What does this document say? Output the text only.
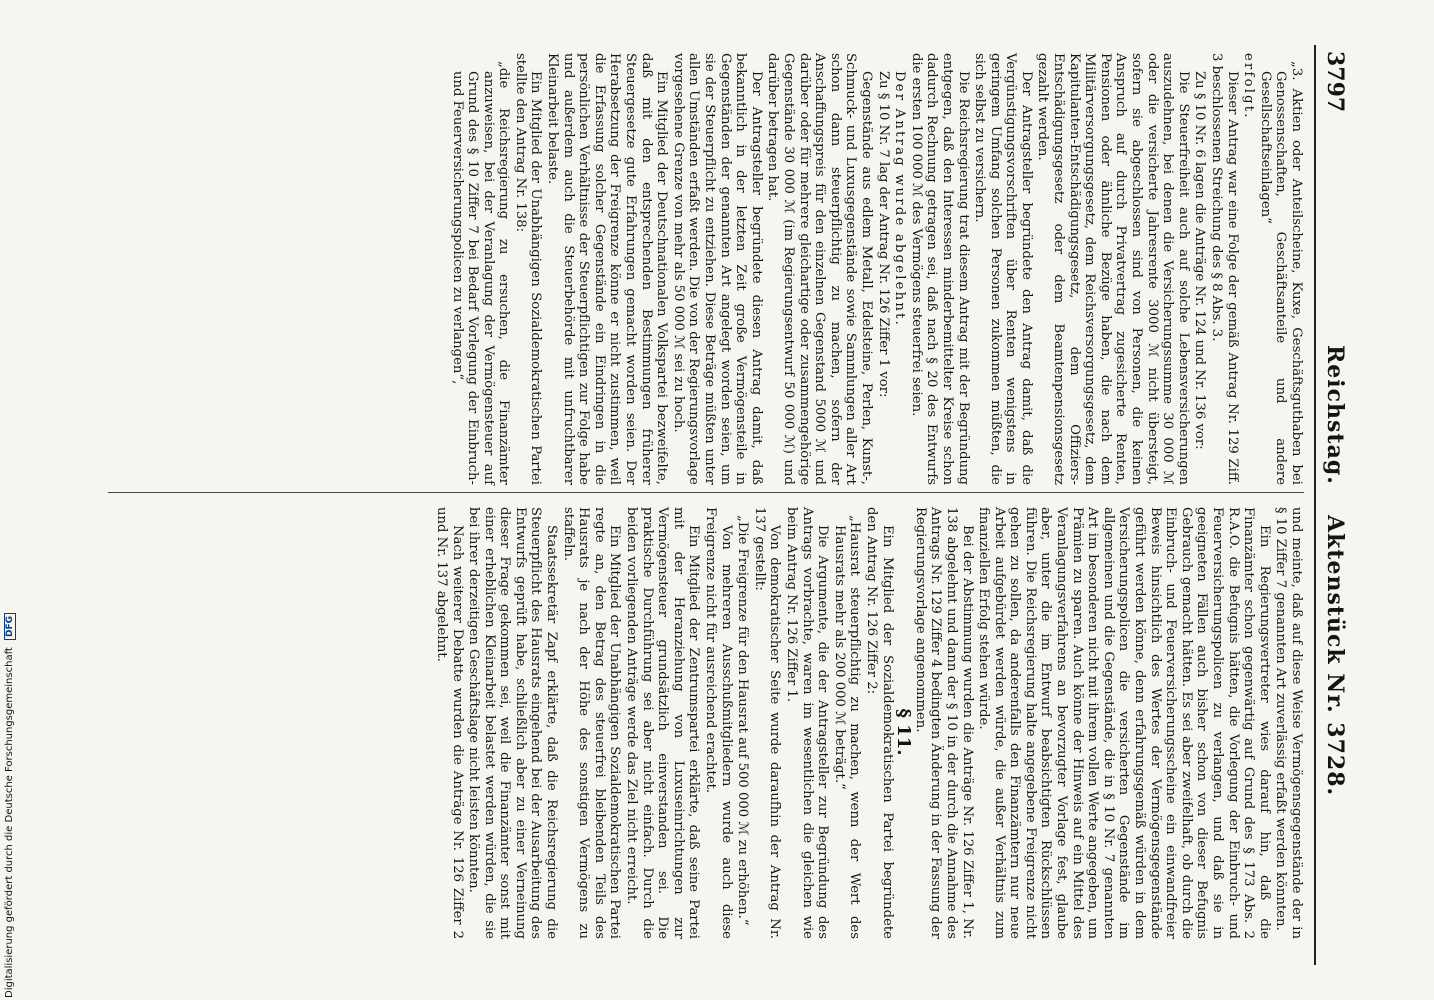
3797
Reichstag.
Aktenstück Nr. 3728.

„3. Aktien oder Anteilscheine, Kuxe, Geschäftsguthaben bei Genossenschaften, Geschäftsanteile und andere Gesellschaftseinlagen“

erfolgt.

Dieser Antrag war eine Folge der gemäß Antrag Nr. 129 Ziff. 3 beschlossenen Streichung des § 8 Abs. 3.

Zu § 10 Nr. 6 lagen die Anträge Nr. 124 und Nr. 136 vor:

Die Steuerfreiheit auch auf solche Lebensversicherungen auszudehnen, bei denen die Versicherungssumme 30 000 ℳ oder die versicherte Jahresrente 3000 ℳ nicht übersteigt, sofern sie abgeschlossen sind von Personen, die keinen Anspruch auf durch Privatvertrag zugesicherte Renten, Pensionen oder ähnliche Bezüge haben, die nach dem Militärversorgungsgesetz, dem Reichsversorgungsgesetz, dem Kapitulanten-Entschädigungsgesetz, dem Offiziers-Entschädigungsgesetz oder dem Beamtenpensionsgesetz gezahlt werden.

Der Antragsteller begründete den Antrag damit, daß die Vergünstigungsvorschriften über Renten wenigstens in geringem Umfang solchen Personen zukommen müßten, die sich selbst zu versichern.

Die Reichsregierung trat diesem Antrag mit der Begründung entgegen, daß den Interessen minderbemittelter Kreise schon dadurch Rechnung getragen sei, daß nach § 20 des Entwurfs die ersten 100 000 ℳ des Vermögens steuerfrei seien.

Der Antrag wurde abgelehnt.

Zu § 10 Nr. 7 lag der Antrag Nr. 126 Ziffer 1 vor:

Gegenstände aus edlem Metall, Edelsteine, Perlen, Kunst-, Schmuck- und Luxusgegenstände sowie Sammlungen aller Art schon dann steuerpflichtig zu machen, sofern der Anschaffungspreis für den einzelnen Gegenstand 5000 ℳ und darüber oder für mehrere gleichartige oder zusammengehörige Gegenstände 30 000 ℳ (im Regierungsentwurf 50 000 ℳ) und darüber betragen hat.

Der Antragsteller begründete diesen Antrag damit, daß bekanntlich in der letzten Zeit große Vermögensteile in Gegenständen der genannten Art angelegt worden seien, um sie der Steuerpflicht zu entziehen. Diese Beträge müßten unter allen Umständen erfaßt werden. Die von der Regierungsvorlage vorgesehene Grenze von mehr als 50 000 ℳ sei zu hoch.

Ein Mitglied der Deutschnationalen Volkspartei bezweifelte, daß mit den entsprechenden Bestimmungen früherer Steuergesetze gute Erfahrungen gemacht worden seien. Der Herabsetzung der Freigrenze könne er nicht zustimmen, weil die Erfassung solcher Gegenstände ein Eindringen in die persönlichen Verhältnisse der Steuerpflichtigen zur Folge habe und außerdem auch die Steuerbehörde mit unfruchtbarer Kleinarbeit belaste.

Ein Mitglied der Unabhängigen Sozialdemokratischen Partei stellte den Antrag Nr. 138:

„die Reichsregierung zu ersuchen, die Finanzämter anzuweisen, bei der Veranlagung der Vermögensteuer auf Grund des § 10 Ziffer 7 bei Bedarf Vorlegung der Einbruch- und Feuerversicherungspolicen zu verlangen“,

und meinte, daß auf diese Weise Vermögensgegenstände der in § 10 Ziffer 7 genannten Art zuverlässig erfaßt werden könnten.

Ein Regierungsvertreter wies darauf hin, daß die Finanzämter schon gegenwärtig auf Grund des § 173 Abs. 2 R.A.O. die Befugnis hätten, die Vorlegung der Einbruch- und Feuerversicherungspolicen zu verlangen, und daß sie in geeigneten Fällen auch bisher schon von dieser Befugnis Gebrauch gemacht hätten. Es sei aber zweifelhaft, ob durch die Einbruch- und Feuerversicherungsscheine ein einwandfreier Beweis hinsichtlich des Wertes der Vermögensgegenstände geführt werden könne, denn erfahrungsgemäß würden in dem Versicherungspolicen die versicherten Gegenstände im allgemeinen und die Gegenstände, die in § 10 Nr. 7 genannten Art im besonderen nicht mit ihrem vollen Werte angegeben, um Prämien zu sparen. Auch könne der Hinweis auf ein Mittel des Veranlagungsverfahrens an bevorzugter Vorlage fest, glaube aber, unter die im Entwurf beabsichtigten Rückschlüssen führen. Die Reichsregierung halte angegebene Freigrenze nicht gehen zu sollen, da anderenfalls den Finanzämtern nur neue Arbeit aufgebürdet werden würde, die außer Verhältnis zum finanziellen Erfolg stehen würde.

Bei der Abstimmung wurden die Anträge Nr. 126 Ziffer 1, Nr. 138 abgelehnt und dann der § 10 in der durch die Annahme des Antrags Nr. 129 Ziffer 4 bedingten Änderung in der Fassung der Regierungsvorlage angenommen.

§ 11.

Ein Mitglied der Sozialdemokratischen Partei begründete den Antrag Nr. 126 Ziffer 2:

„Hausrat steuerpflichtig zu machen, wenn der Wert des Hausrats mehr als 200 000 ℳ beträgt.“

Die Argumente, die der Antragsteller zur Begründung des Antrags vorbrachte, waren im wesentlichen die gleichen wie beim Antrag Nr. 126 Ziffer 1.

Von demokratischer Seite wurde daraufhin der Antrag Nr. 137 gestellt:

„Die Freigrenze für den Hausrat auf 500 000 ℳ zu erhöhen.“

Von mehreren Ausschußmitgliedern wurde auch diese Freigrenze nicht für ausreichend erachtet.

Ein Mitglied der Zentrumspartei erklärte, daß seine Partei mit der Heranziehung von Luxuseinrichtungen zur Vermögensteuer grundsätzlich einverstanden sei. Die praktische Durchführung sei aber nicht einfach. Durch die beiden vorliegenden Anträge werde das Ziel nicht erreicht.

Ein Mitglied der Unabhängigen Sozialdemokratischen Partei regte an, den Betrag des steuerfrei bleibenden Teils des Hausrats je nach der Höhe des sonstigen Vermögens zu staffeln.

Staatssekretär Zapf erklärte, daß die Reichsregierung die Steuerpflicht des Hausrats eingehend bei der Ausarbeitung des Entwurfs geprüft habe, schließlich aber zu einer Verneinung dieser Frage gekommen sei, weil die Finanzämter sonst mit einer erheblichen Kleinarbeit belastet werden würden, die sie bei ihrer derzeitigen Geschäftslage nicht leisten könnten.

Nach weiterer Debatte wurden die Anträge Nr. 126 Ziffer 2 und Nr. 137 abgelehnt.

Digitalisierung gefördert durch die Deutsche Forschungsgemeinschaft DFG
